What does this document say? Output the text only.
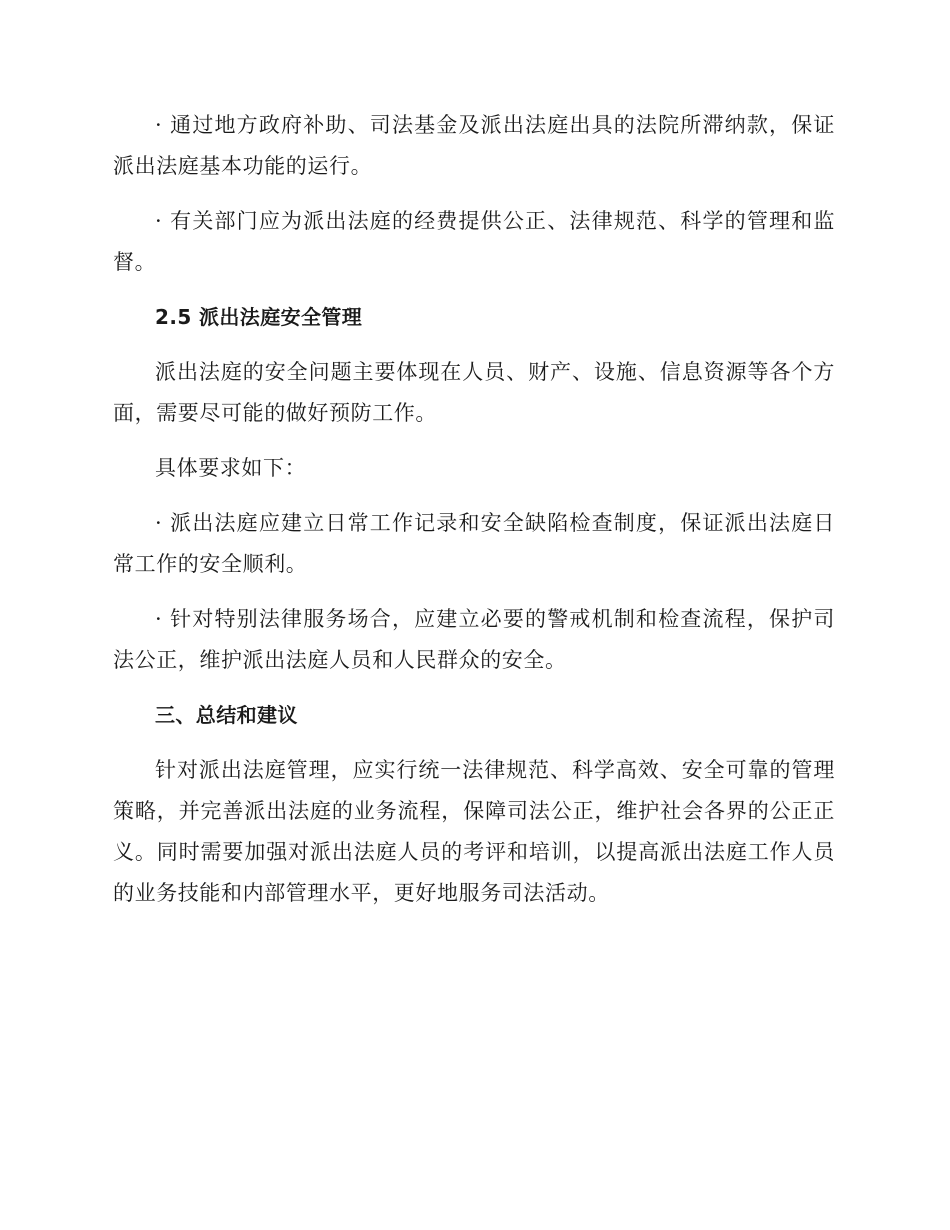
· 通过地方政府补助、司法基金及派出法庭出具的法院所滞纳款，保证派出法庭基本功能的运行。

· 有关部门应为派出法庭的经费提供公正、法律规范、科学的管理和监督。

2.5 派出法庭安全管理

派出法庭的安全问题主要体现在人员、财产、设施、信息资源等各个方面，需要尽可能的做好预防工作。

具体要求如下：

· 派出法庭应建立日常工作记录和安全缺陷检查制度，保证派出法庭日常工作的安全顺利。

· 针对特别法律服务场合，应建立必要的警戒机制和检查流程，保护司法公正，维护派出法庭人员和人民群众的安全。

三、总结和建议

针对派出法庭管理，应实行统一法律规范、科学高效、安全可靠的管理策略，并完善派出法庭的业务流程，保障司法公正，维护社会各界的公正正义。同时需要加强对派出法庭人员的考评和培训，以提高派出法庭工作人员的业务技能和内部管理水平，更好地服务司法活动。
